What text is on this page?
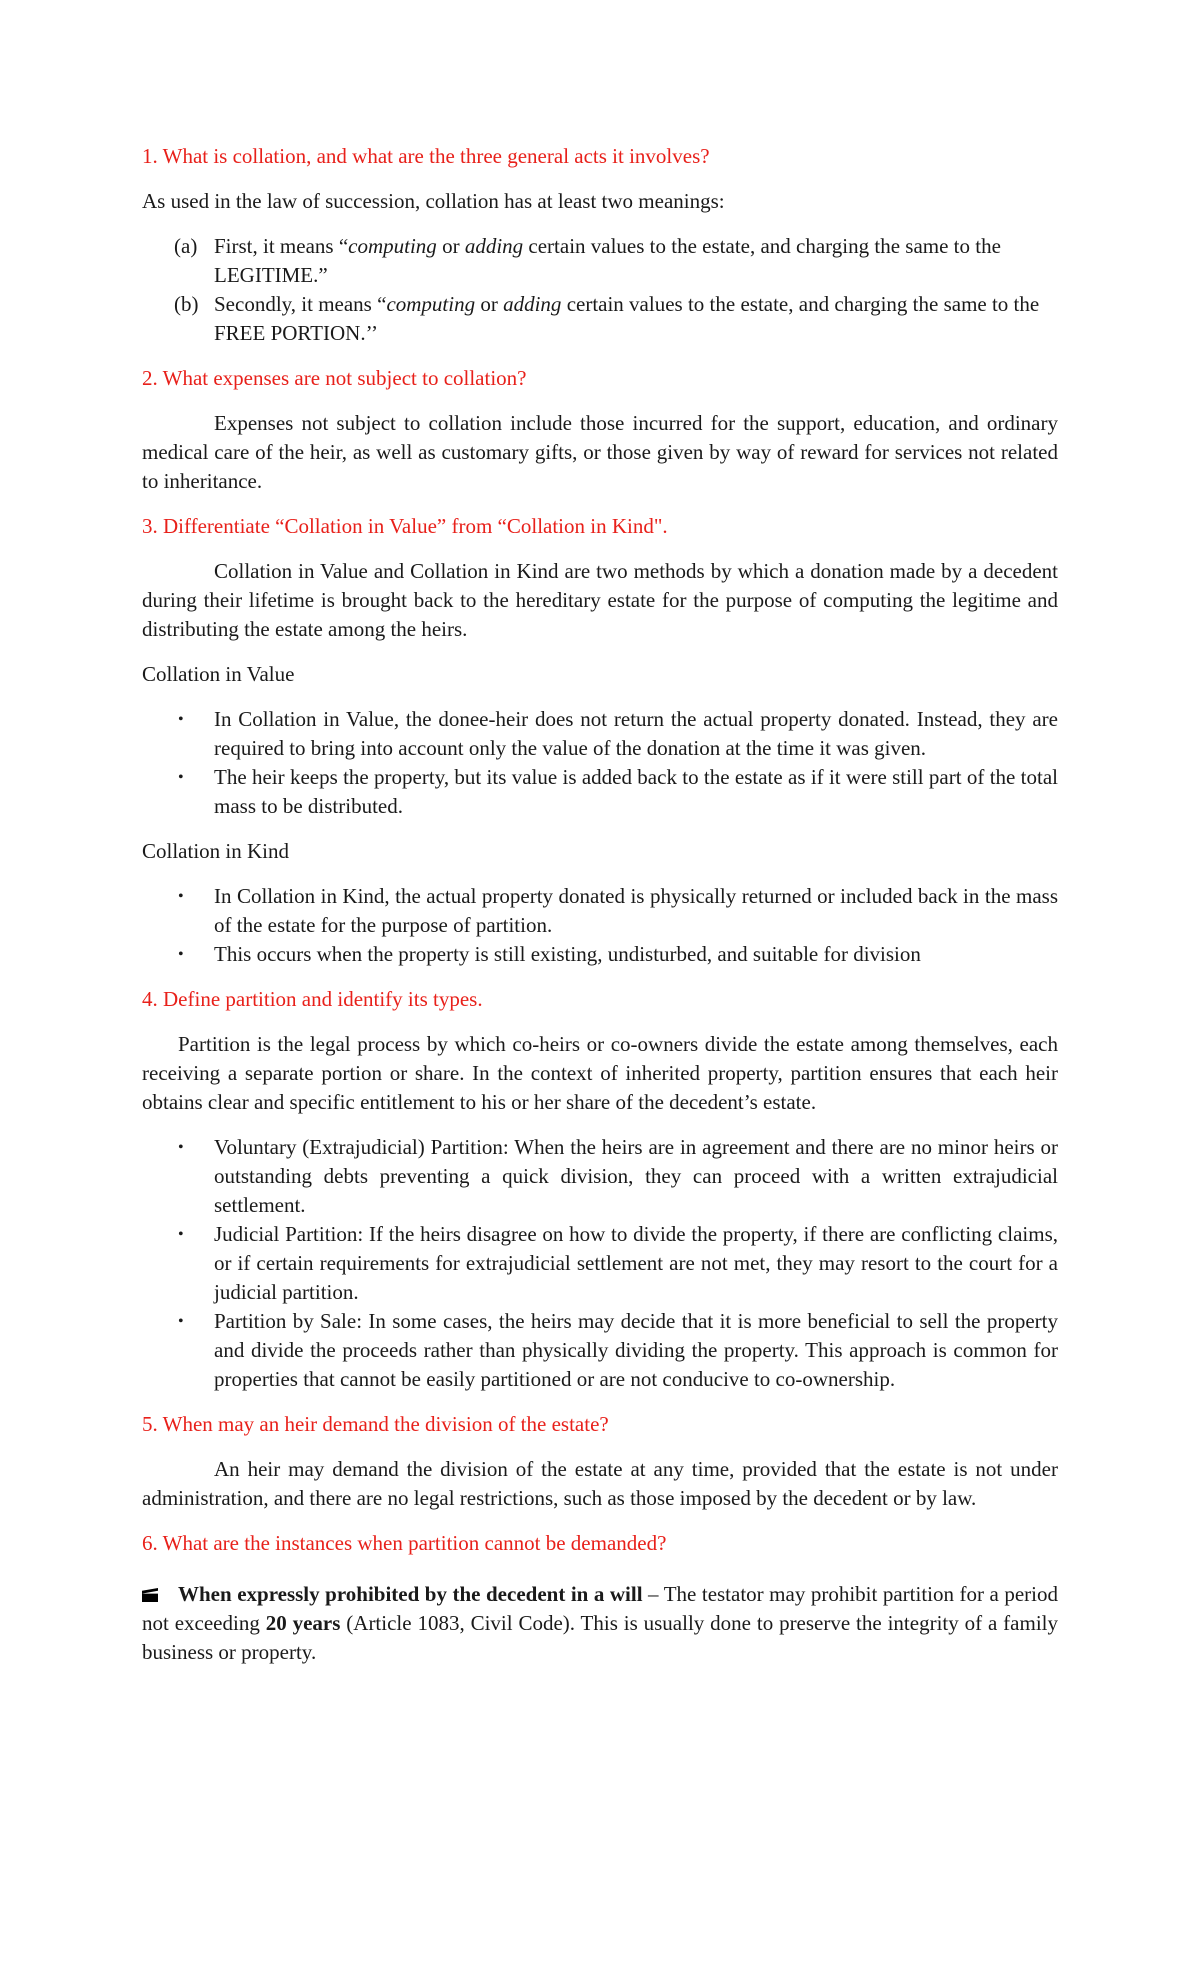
1. What is collation, and what are the three general acts it involves?
As used in the law of succession, collation has at least two meanings:
(a) First, it means “computing or adding certain values to the estate, and charging the same to the LEGITIME.”
(b) Secondly, it means “computing or adding certain values to the estate, and charging the same to the FREE PORTION.’’
2. What expenses are not subject to collation?
Expenses not subject to collation include those incurred for the support, education, and ordinary medical care of the heir, as well as customary gifts, or those given by way of reward for services not related to inheritance.
3. Differentiate “Collation in Value” from “Collation in Kind".
Collation in Value and Collation in Kind are two methods by which a donation made by a decedent during their lifetime is brought back to the hereditary estate for the purpose of computing the legitime and distributing the estate among the heirs.
Collation in Value
• In Collation in Value, the donee-heir does not return the actual property donated. Instead, they are required to bring into account only the value of the donation at the time it was given.
• The heir keeps the property, but its value is added back to the estate as if it were still part of the total mass to be distributed.
Collation in Kind
• In Collation in Kind, the actual property donated is physically returned or included back in the mass of the estate for the purpose of partition.
• This occurs when the property is still existing, undisturbed, and suitable for division
4. Define partition and identify its types.
Partition is the legal process by which co-heirs or co-owners divide the estate among themselves, each receiving a separate portion or share. In the context of inherited property, partition ensures that each heir obtains clear and specific entitlement to his or her share of the decedent’s estate.
• Voluntary (Extrajudicial) Partition: When the heirs are in agreement and there are no minor heirs or outstanding debts preventing a quick division, they can proceed with a written extrajudicial settlement.
• Judicial Partition: If the heirs disagree on how to divide the property, if there are conflicting claims, or if certain requirements for extrajudicial settlement are not met, they may resort to the court for a judicial partition.
• Partition by Sale: In some cases, the heirs may decide that it is more beneficial to sell the property and divide the proceeds rather than physically dividing the property. This approach is common for properties that cannot be easily partitioned or are not conducive to co-ownership.
5. When may an heir demand the division of the estate?
An heir may demand the division of the estate at any time, provided that the estate is not under administration, and there are no legal restrictions, such as those imposed by the decedent or by law.
6. What are the instances when partition cannot be demanded?
When expressly prohibited by the decedent in a will – The testator may prohibit partition for a period not exceeding 20 years (Article 1083, Civil Code). This is usually done to preserve the integrity of a family business or property.
